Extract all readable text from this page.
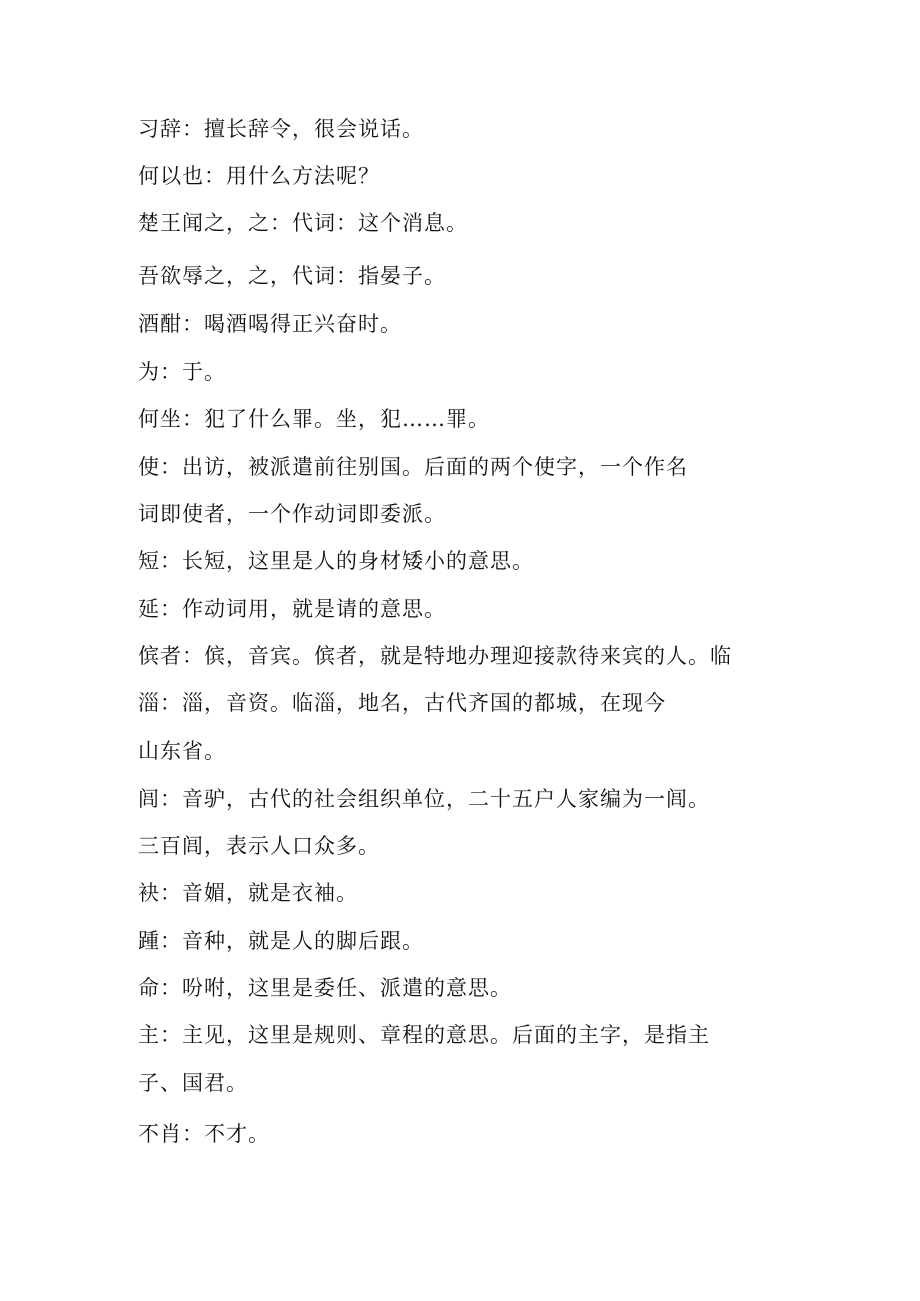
习辞：擅长辞令，很会说话。
何以也：用什么方法呢？
楚王闻之，之：代词：这个消息。
吾欲辱之，之，代词：指晏子。
酒酣：喝酒喝得正兴奋时。
为：于。
何坐：犯了什么罪。坐，犯……罪。
使：出访，被派遣前往别国。后面的两个使字，一个作名
词即使者，一个作动词即委派。
短：长短，这里是人的身材矮小的意思。
延：作动词用，就是请的意思。
傧者：傧，音宾。傧者，就是特地办理迎接款待来宾的人。临
淄：淄，音资。临淄，地名，古代齐国的都城，在现今
山东省。
闾：音驴，古代的社会组织单位，二十五户人家编为一闾。
三百闾，表示人口众多。
袂：音媚，就是衣袖。
踵：音种，就是人的脚后跟。
命：吩咐，这里是委任、派遣的意思。
主：主见，这里是规则、章程的意思。后面的主字，是指主
子、国君。
不肖：不才。
